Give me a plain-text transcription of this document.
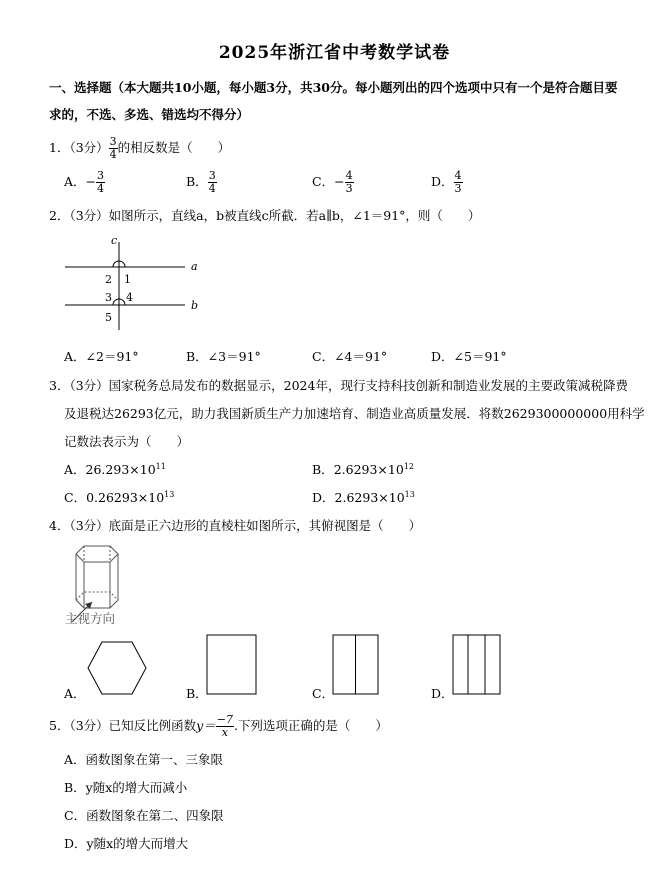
2025年浙江省中考数学试卷
一、选择题（本大题共10小题，每小题3分，共30分。每小题列出的四个选项中只有一个是符合题目要
求的，不选、多选、错选均不得分）
1．（3分） $\frac{3}{4}$ 的相反数是（　　）
A．− $\frac{3}{4}$	B． $\frac{3}{4}$	C．− $\frac{4}{3}$	D． $\frac{4}{3}$
2．（3分）如图所示，直线a，b被直线c所截．若a∥b，∠1＝91°，则（　　）
c
a
b
2 1
3 4
5
A．∠2＝91°	B．∠3＝91°	C．∠4＝91°	D．∠5＝91°
3．（3分）国家税务总局发布的数据显示，2024年，现行支持科技创新和制造业发展的主要政策减税降费
及退税达26293亿元，助力我国新质生产力加速培育、制造业高质量发展．将数2629300000000用科学
记数法表示为（　　）
A．$26.293\times 10^{11}$	B．$2.6293\times 10^{12}$
C．$0.26293\times 10^{13}$	D．$2.6293\times 10^{13}$
4．（3分）底面是正六边形的直棱柱如图所示，其俯视图是（　　）
主视方向
A．	B．	C．	D．
5．（3分）已知反比例函数$y= \frac{-7}{x}$ .下列选项正确的是（　　）
A．函数图象在第一、三象限
B．y随x的增大而减小
C．函数图象在第二、四象限
D．y随x的增大而增大
